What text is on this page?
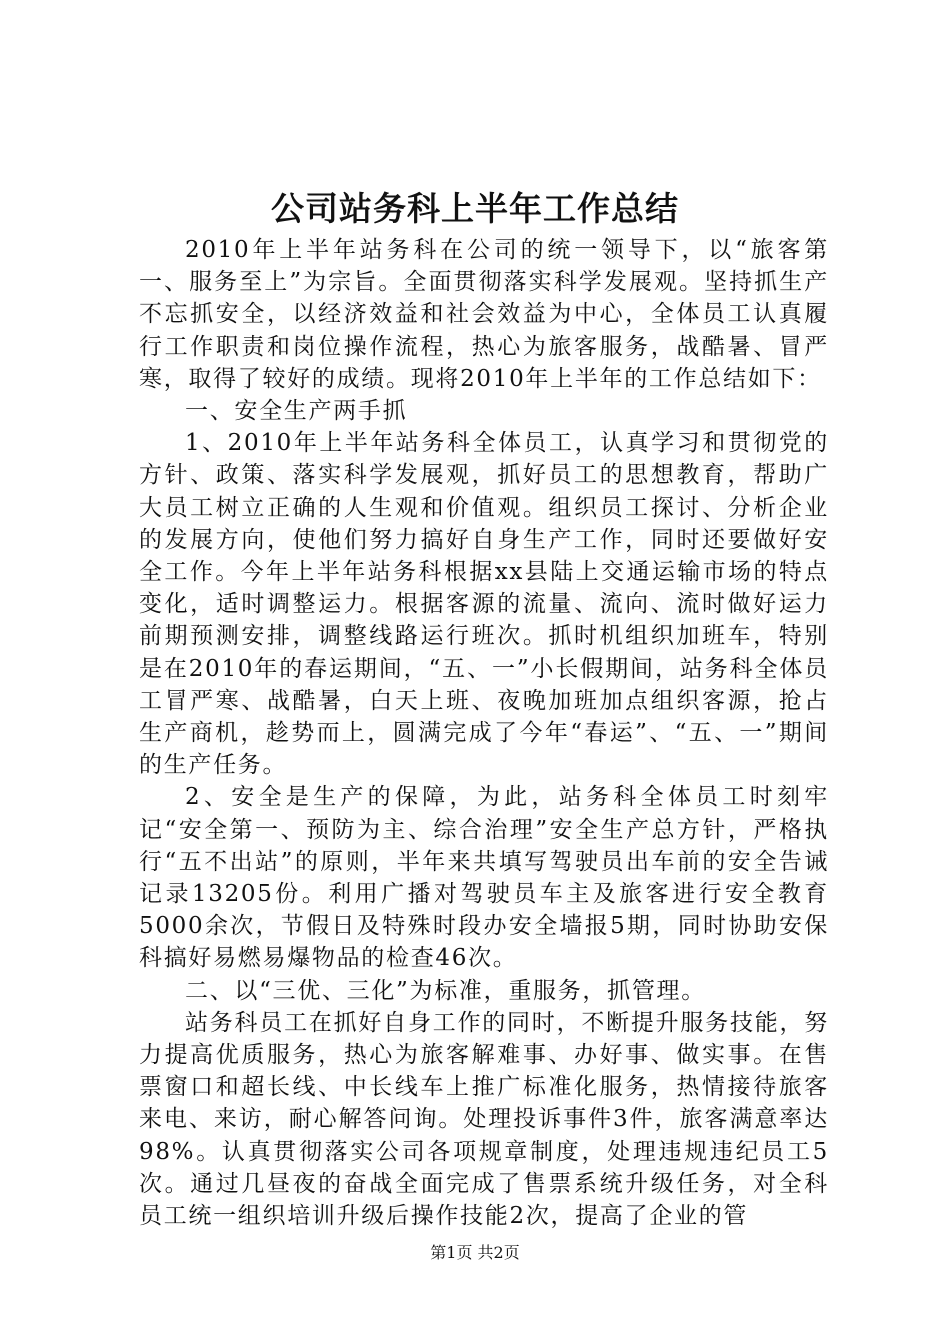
公司站务科上半年工作总结

2010年上半年站务科在公司的统一领导下，以“旅客第一、服务至上”为宗旨。全面贯彻落实科学发展观。坚持抓生产不忘抓安全，以经济效益和社会效益为中心，全体员工认真履行工作职责和岗位操作流程，热心为旅客服务，战酷暑、冒严寒，取得了较好的成绩。现将2010年上半年的工作总结如下：

一、安全生产两手抓

1、2010年上半年站务科全体员工，认真学习和贯彻党的方针、政策、落实科学发展观，抓好员工的思想教育，帮助广大员工树立正确的人生观和价值观。组织员工探讨、分析企业的发展方向，使他们努力搞好自身生产工作，同时还要做好安全工作。今年上半年站务科根据xx县陆上交通运输市场的特点变化，适时调整运力。根据客源的流量、流向、流时做好运力前期预测安排，调整线路运行班次。抓时机组织加班车，特别是在2010年的春运期间，“五、一”小长假期间，站务科全体员工冒严寒、战酷暑，白天上班、夜晚加班加点组织客源，抢占生产商机，趁势而上，圆满完成了今年“春运”、“五、一”期间的生产任务。

2、安全是生产的保障，为此，站务科全体员工时刻牢记“安全第一、预防为主、综合治理”安全生产总方针，严格执行“五不出站”的原则，半年来共填写驾驶员出车前的安全告诫记录13205份。利用广播对驾驶员车主及旅客进行安全教育5000余次，节假日及特殊时段办安全墙报5期，同时协助安保科搞好易燃易爆物品的检查46次。

二、以“三优、三化”为标准，重服务，抓管理。

站务科员工在抓好自身工作的同时，不断提升服务技能，努力提高优质服务，热心为旅客解难事、办好事、做实事。在售票窗口和超长线、中长线车上推广标准化服务，热情接待旅客来电、来访，耐心解答问询。处理投诉事件3件，旅客满意率达98%。认真贯彻落实公司各项规章制度，处理违规违纪员工5次。通过几昼夜的奋战全面完成了售票系统升级任务，对全科员工统一组织培训升级后操作技能2次，提高了企业的管

第1页 共2页
